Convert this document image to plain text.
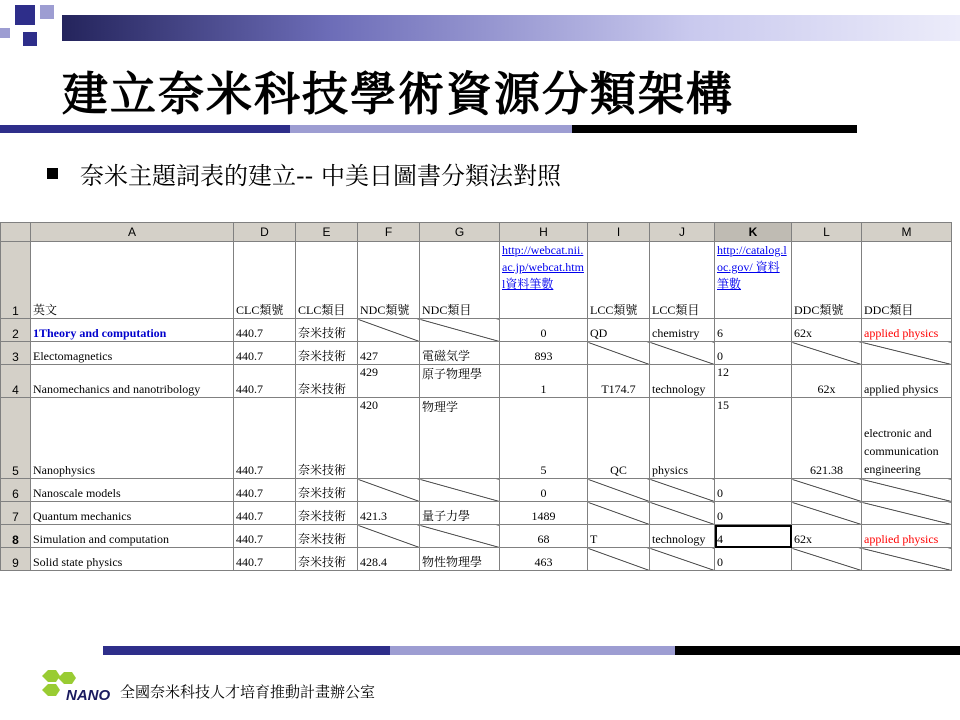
建立奈米科技學術資源分類架構
奈米主題詞表的建立-- 中美日圖書分類法對照
	A	D	E	F	G	H	I	J	K	L	M
1	英文	CLC類號	CLC類目	NDC類號	NDC類目	http://webcat.nii.ac.jp/webcat.html資料筆數	LCC類號	LCC類目	http://catalog.loc.gov/ 資料筆數	DDC類號	DDC類目
2	1Theory and computation	440.7	奈米技術			0	QD	chemistry	6	62x	applied physics
3	Electomagnetics	440.7	奈米技術	427	電磁気学	893			0		
4	Nanomechanics and nanotribology	440.7	奈米技術	429	原子物理學	1	T174.7	technology	12	62x	applied physics
5	Nanophysics	440.7	奈米技術	420	物理学	5	QC	physics	15	621.38	electronic and communication engineering
6	Nanoscale models	440.7	奈米技術			0			0		
7	Quantum mechanics	440.7	奈米技術	421.3	量子力學	1489			0		
8	Simulation and computation	440.7	奈米技術			68	T	technology	4	62x	applied physics
9	Solid state physics	440.7	奈米技術	428.4	物性物理學	463			0		
NANO 全國奈米科技人才培育推動計畫辦公室
